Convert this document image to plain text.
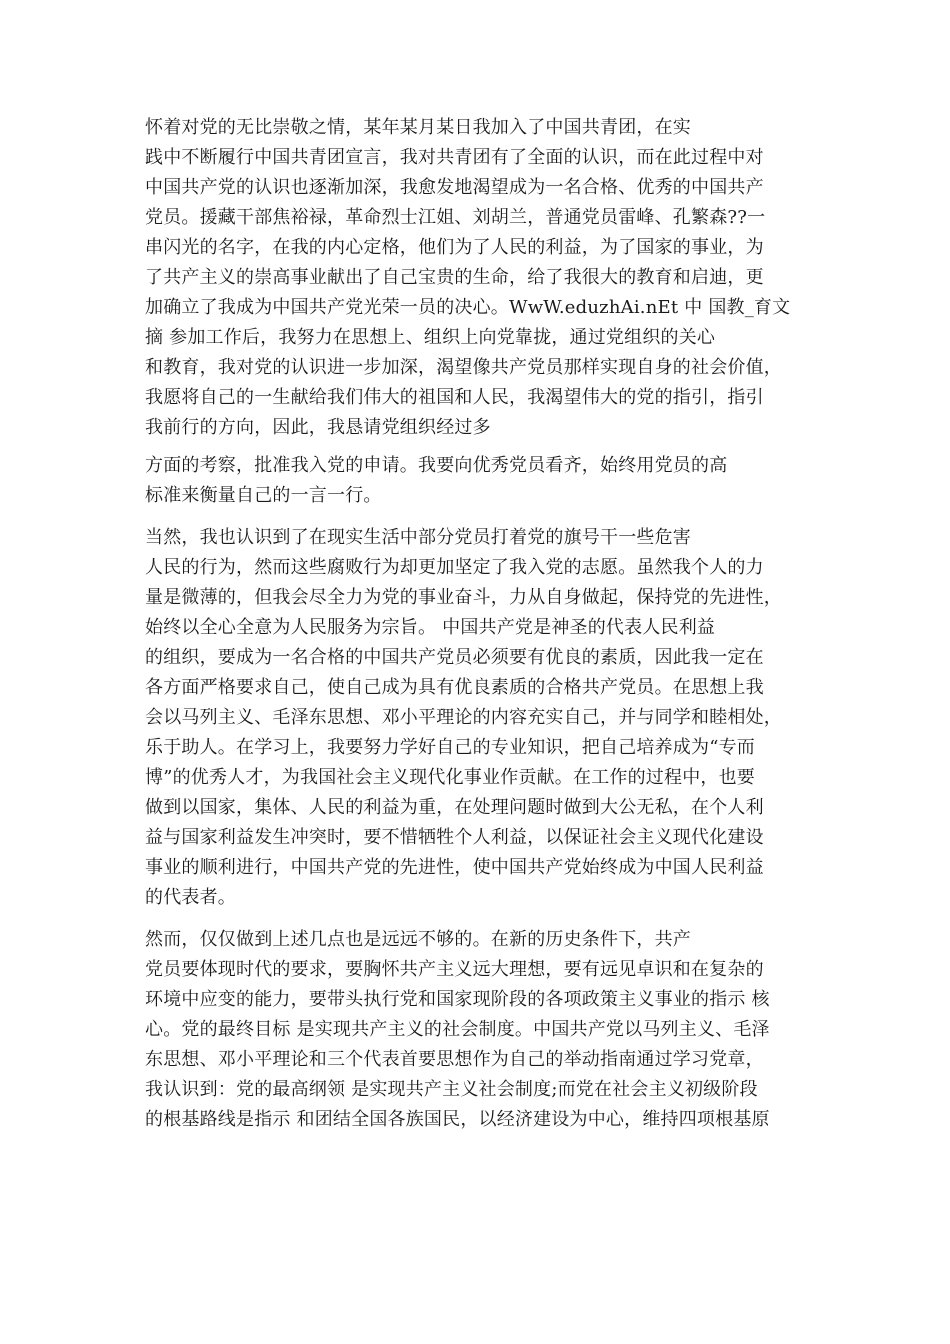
怀着对党的无比崇敬之情，某年某月某日我加入了中国共青团，在实

践中不断履行中国共青团宣言，我对共青团有了全面的认识，而在此过程中对

中国共产党的认识也逐渐加深，我愈发地渴望成为一名合格、优秀的中国共产

党员。援藏干部焦裕禄，革命烈士江姐、刘胡兰，普通党员雷峰、孔繁森??一

串闪光的名字，在我的内心定格，他们为了人民的利益，为了国家的事业，为

了共产主义的崇高事业献出了自己宝贵的生命，给了我很大的教育和启迪，更

加确立了我成为中国共产党光荣一员的决心。WwW.eduzhAi.nEt 中 国教_育文

摘 参加工作后，我努力在思想上、组织上向党靠拢，通过党组织的关心

和教育，我对党的认识进一步加深，渴望像共产党员那样实现自身的社会价值，

我愿将自己的一生献给我们伟大的祖国和人民，我渴望伟大的党的指引，指引

我前行的方向，因此，我恳请党组织经过多

方面的考察，批准我入党的申请。我要向优秀党员看齐，始终用党员的高

标准来衡量自己的一言一行。

当然，我也认识到了在现实生活中部分党员打着党的旗号干一些危害

人民的行为，然而这些腐败行为却更加坚定了我入党的志愿。虽然我个人的力

量是微薄的，但我会尽全力为党的事业奋斗，力从自身做起，保持党的先进性，

始终以全心全意为人民服务为宗旨。 中国共产党是神圣的代表人民利益

的组织，要成为一名合格的中国共产党员必须要有优良的素质，因此我一定在

各方面严格要求自己，使自己成为具有优良素质的合格共产党员。在思想上我

会以马列主义、毛泽东思想、邓小平理论的内容充实自己，并与同学和睦相处，

乐于助人。在学习上，我要努力学好自己的专业知识，把自己培养成为“专而

博”的优秀人才，为我国社会主义现代化事业作贡献。在工作的过程中，也要

做到以国家，集体、人民的利益为重，在处理问题时做到大公无私，在个人利

益与国家利益发生冲突时，要不惜牺牲个人利益，以保证社会主义现代化建设

事业的顺利进行，中国共产党的先进性，使中国共产党始终成为中国人民利益

的代表者。

然而，仅仅做到上述几点也是远远不够的。在新的历史条件下，共产

党员要体现时代的要求，要胸怀共产主义远大理想，要有远见卓识和在复杂的

环境中应变的能力，要带头执行党和国家现阶段的各项政策主义事业的指示 核

心。党的最终目标 是实现共产主义的社会制度。中国共产党以马列主义、毛泽

东思想、邓小平理论和三个代表首要思想作为自己的举动指南通过学习党章，

我认识到：党的最高纲领 是实现共产主义社会制度;而党在社会主义初级阶段

的根基路线是指示 和团结全国各族国民，以经济建设为中心，维持四项根基原
